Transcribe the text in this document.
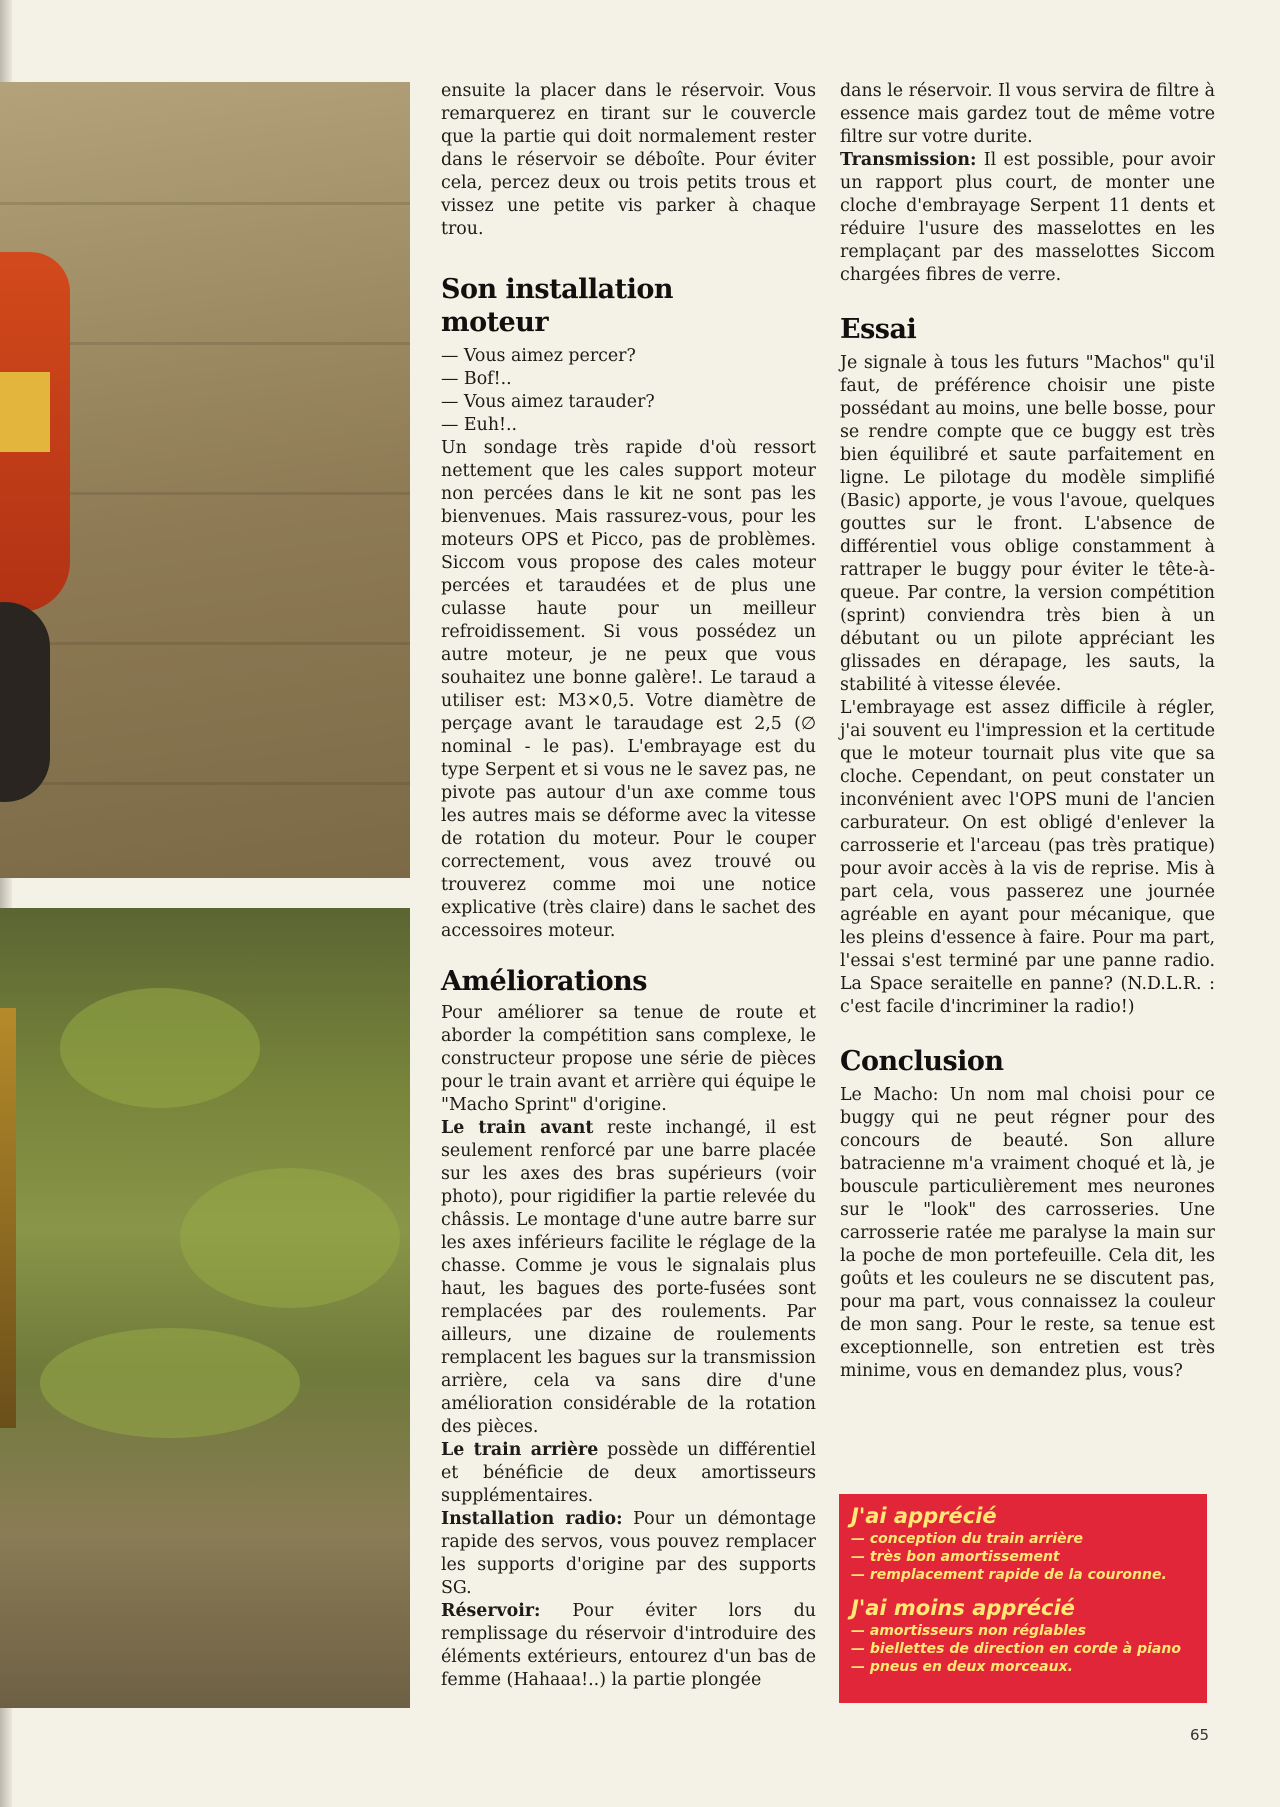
ensuite la placer dans le réservoir. Vous remarquerez en tirant sur le couvercle que la partie qui doit normalement rester dans le réservoir se déboîte. Pour éviter cela, percez deux ou trois petits trous et vissez une petite vis parker à chaque trou.

Son installation moteur
— Vous aimez percer?
— Bof!..
— Vous aimez tarauder?
— Euh!..

Un sondage très rapide d'où ressort nettement que les cales support moteur non percées dans le kit ne sont pas les bienvenues. Mais rassurez-vous, pour les moteurs OPS et Picco, pas de problèmes. Siccom vous propose des cales moteur percées et taraudées et de plus une culasse haute pour un meilleur refroidissement. Si vous possédez un autre moteur, je ne peux que vous souhaitez une bonne galère!. Le taraud a utiliser est: M3×0,5. Votre diamètre de perçage avant le taraudage est 2,5 (∅ nominal - le pas). L'embrayage est du type Serpent et si vous ne le savez pas, ne pivote pas autour d'un axe comme tous les autres mais se déforme avec la vitesse de rotation du moteur. Pour le couper correctement, vous avez trouvé ou trouverez comme moi une notice explicative (très claire) dans le sachet des accessoires moteur.

Améliorations

Pour améliorer sa tenue de route et aborder la compétition sans complexe, le constructeur propose une série de pièces pour le train avant et arrière qui équipe le "Macho Sprint" d'origine.

Le train avant reste inchangé, il est seulement renforcé par une barre placée sur les axes des bras supérieurs (voir photo), pour rigidifier la partie relevée du châssis. Le montage d'une autre barre sur les axes inférieurs facilite le réglage de la chasse. Comme je vous le signalais plus haut, les bagues des porte-fusées sont remplacées par des roulements. Par ailleurs, une dizaine de roulements remplacent les bagues sur la transmission arrière, cela va sans dire d'une amélioration considérable de la rotation des pièces.

Le train arrière possède un différentiel et bénéficie de deux amortisseurs supplémentaires.

Installation radio: Pour un démontage rapide des servos, vous pouvez remplacer les supports d'origine par des supports SG.

Réservoir: Pour éviter lors du remplissage du réservoir d'introduire des éléments extérieurs, entourez d'un bas de femme (Hahaaa!..) la partie plongée

dans le réservoir. Il vous servira de filtre à essence mais gardez tout de même votre filtre sur votre durite.

Transmission: Il est possible, pour avoir un rapport plus court, de monter une cloche d'embrayage Serpent 11 dents et réduire l'usure des masselottes en les remplaçant par des masselottes Siccom chargées fibres de verre.

Essai

Je signale à tous les futurs "Machos" qu'il faut, de préférence choisir une piste possédant au moins, une belle bosse, pour se rendre compte que ce buggy est très bien équilibré et saute parfaitement en ligne. Le pilotage du modèle simplifié (Basic) apporte, je vous l'avoue, quelques gouttes sur le front. L'absence de différentiel vous oblige constamment à rattraper le buggy pour éviter le tête-à-queue. Par contre, la version compétition (sprint) conviendra très bien à un débutant ou un pilote appréciant les glissades en dérapage, les sauts, la stabilité à vitesse élevée.

L'embrayage est assez difficile à régler, j'ai souvent eu l'impression et la certitude que le moteur tournait plus vite que sa cloche. Cependant, on peut constater un inconvénient avec l'OPS muni de l'ancien carburateur. On est obligé d'enlever la carrosserie et l'arceau (pas très pratique) pour avoir accès à la vis de reprise. Mis à part cela, vous passerez une journée agréable en ayant pour mécanique, que les pleins d'essence à faire. Pour ma part, l'essai s'est terminé par une panne radio. La Space seraitelle en panne? (N.D.L.R. : c'est facile d'incriminer la radio!)

Conclusion

Le Macho: Un nom mal choisi pour ce buggy qui ne peut régner pour des concours de beauté. Son allure batracienne m'a vraiment choqué et là, je bouscule particulièrement mes neurones sur le "look" des carrosseries. Une carrosserie ratée me paralyse la main sur la poche de mon portefeuille. Cela dit, les goûts et les couleurs ne se discutent pas, pour ma part, vous connaissez la couleur de mon sang. Pour le reste, sa tenue est exceptionnelle, son entretien est très minime, vous en demandez plus, vous?

J'ai apprécié
— conception du train arrière
— très bon amortissement
— remplacement rapide de la couronne.
J'ai moins apprécié
— amortisseurs non réglables
— biellettes de direction en corde à piano
— pneus en deux morceaux.
65
